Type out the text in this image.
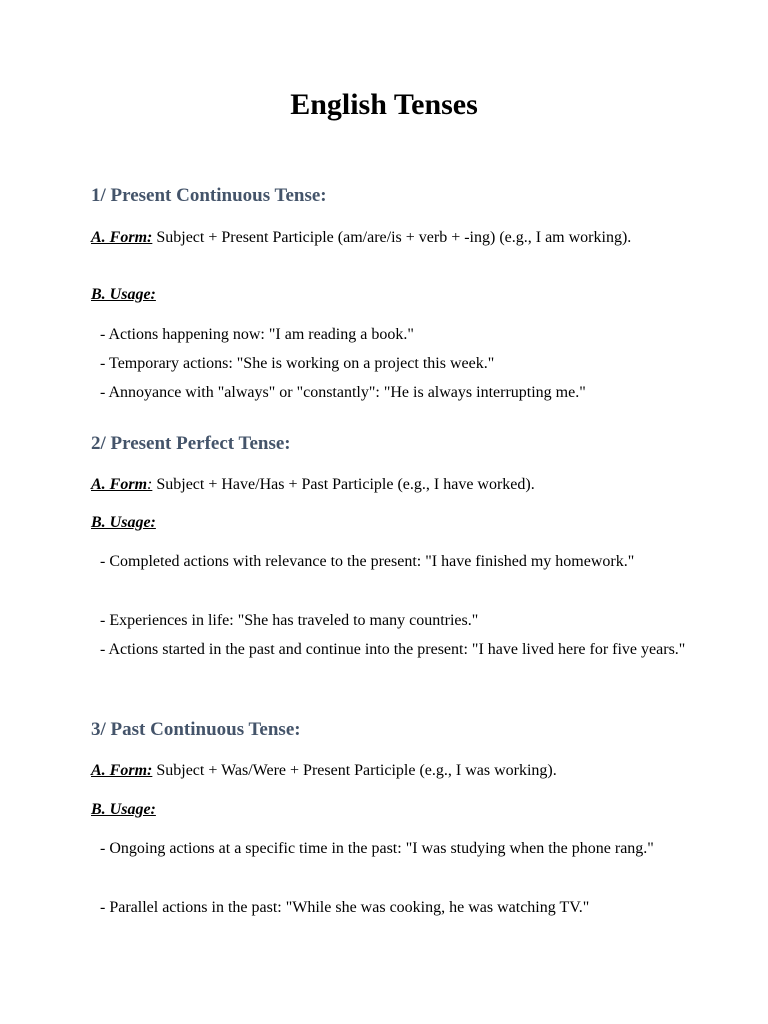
English Tenses
1/ Present Continuous Tense:

A. Form: Subject + Present Participle (am/are/is + verb + -ing) (e.g., I am working).

B. Usage:

- Actions happening now: "I am reading a book."

- Temporary actions: "She is working on a project this week."

- Annoyance with "always" or "constantly": "He is always interrupting me."

2/ Present Perfect Tense:

A. Form: Subject + Have/Has + Past Participle (e.g., I have worked).

B. Usage:

- Completed actions with relevance to the present: "I have finished my homework."

- Experiences in life: "She has traveled to many countries."

- Actions started in the past and continue into the present: "I have lived here for five years."

3/ Past Continuous Tense:

A. Form: Subject + Was/Were + Present Participle (e.g., I was working).

B. Usage:

- Ongoing actions at a specific time in the past: "I was studying when the phone rang."

- Parallel actions in the past: "While she was cooking, he was watching TV."
